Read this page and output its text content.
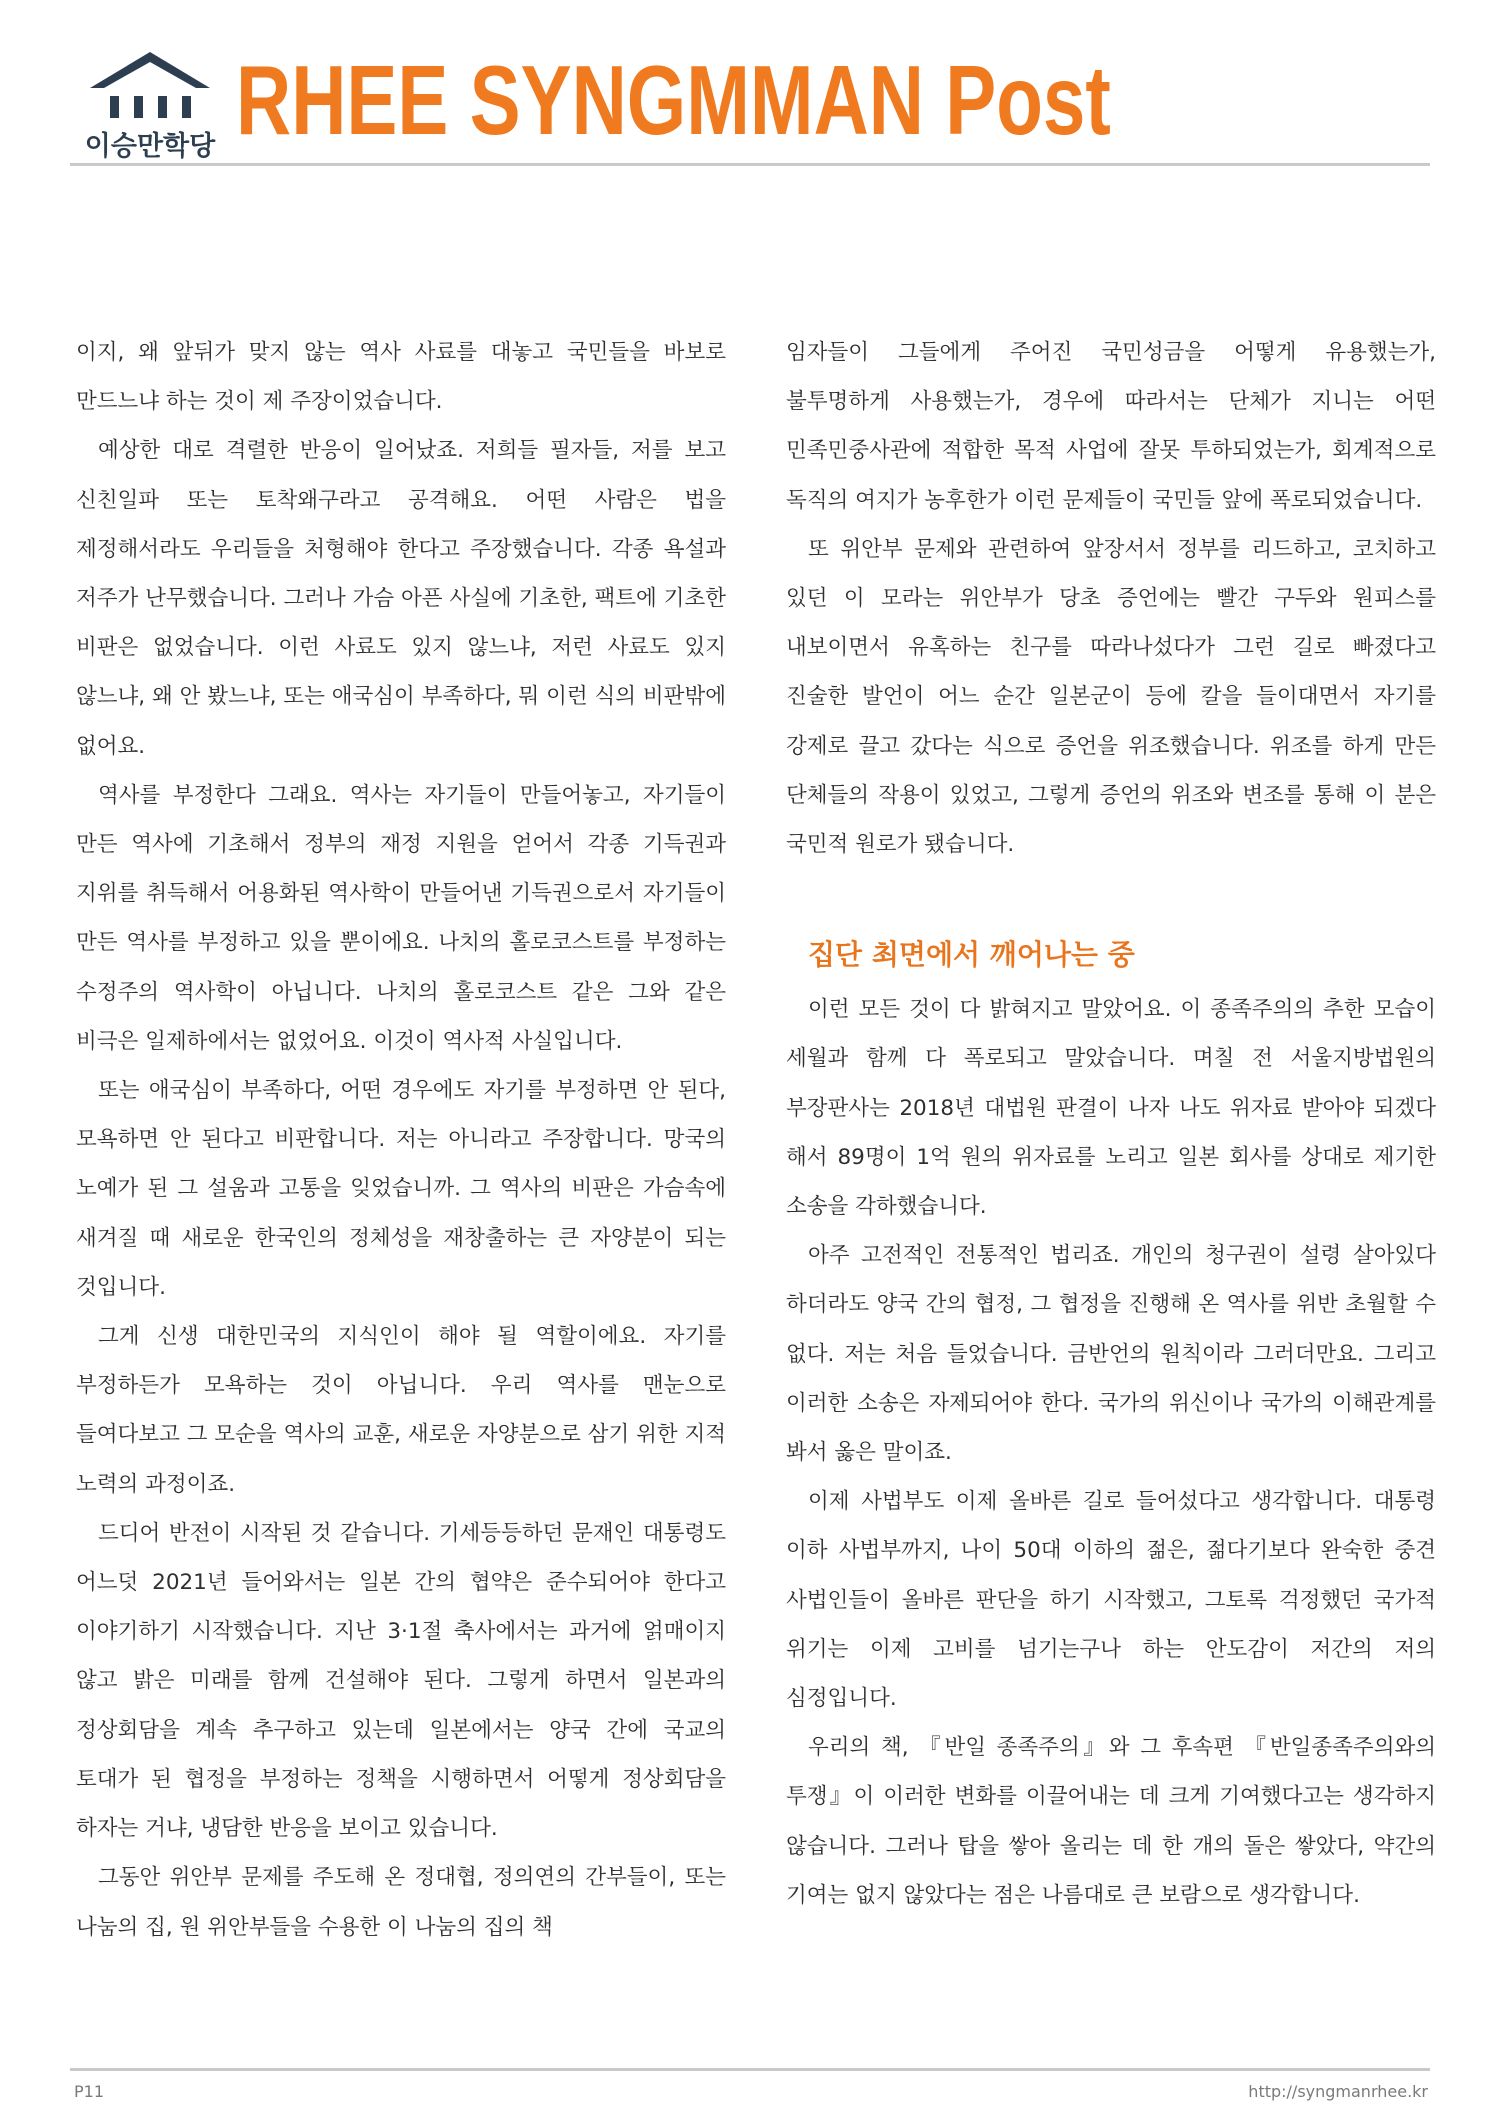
이승만학당 RHEE SYNGMMAN Post

이지, 왜 앞뒤가 맞지 않는 역사 사료를 대놓고 국민들을 바보로 만드느냐 하는 것이 제 주장이었습니다.

예상한 대로 격렬한 반응이 일어났죠. 저희들 필자들, 저를 보고 신친일파 또는 토착왜구라고 공격해요. 어떤 사람은 법을 제정해서라도 우리들을 처형해야 한다고 주장했습니다. 각종 욕설과 저주가 난무했습니다. 그러나 가슴 아픈 사실에 기초한, 팩트에 기초한 비판은 없었습니다. 이런 사료도 있지 않느냐, 저런 사료도 있지 않느냐, 왜 안 봤느냐, 또는 애국심이 부족하다, 뭐 이런 식의 비판밖에 없어요.

역사를 부정한다 그래요. 역사는 자기들이 만들어놓고, 자기들이 만든 역사에 기초해서 정부의 재정 지원을 얻어서 각종 기득권과 지위를 취득해서 어용화된 역사학이 만들어낸 기득권으로서 자기들이 만든 역사를 부정하고 있을 뿐이에요. 나치의 홀로코스트를 부정하는 수정주의 역사학이 아닙니다. 나치의 홀로코스트 같은 그와 같은 비극은 일제하에서는 없었어요. 이것이 역사적 사실입니다.

또는 애국심이 부족하다, 어떤 경우에도 자기를 부정하면 안 된다, 모욕하면 안 된다고 비판합니다. 저는 아니라고 주장합니다. 망국의 노예가 된 그 설움과 고통을 잊었습니까. 그 역사의 비판은 가슴속에 새겨질 때 새로운 한국인의 정체성을 재창출하는 큰 자양분이 되는 것입니다.

그게 신생 대한민국의 지식인이 해야 될 역할이에요. 자기를 부정하든가 모욕하는 것이 아닙니다. 우리 역사를 맨눈으로 들여다보고 그 모순을 역사의 교훈, 새로운 자양분으로 삼기 위한 지적 노력의 과정이죠.

드디어 반전이 시작된 것 같습니다. 기세등등하던 문재인 대통령도 어느덧 2021년 들어와서는 일본 간의 협약은 준수되어야 한다고 이야기하기 시작했습니다. 지난 3·1절 축사에서는 과거에 얽매이지 않고 밝은 미래를 함께 건설해야 된다. 그렇게 하면서 일본과의 정상회담을 계속 추구하고 있는데 일본에서는 양국 간에 국교의 토대가 된 협정을 부정하는 정책을 시행하면서 어떻게 정상회담을 하자는 거냐, 냉담한 반응을 보이고 있습니다.

그동안 위안부 문제를 주도해 온 정대협, 정의연의 간부들이, 또는 나눔의 집, 원 위안부들을 수용한 이 나눔의 집의 책

임자들이 그들에게 주어진 국민성금을 어떻게 유용했는가, 불투명하게 사용했는가, 경우에 따라서는 단체가 지니는 어떤 민족민중사관에 적합한 목적 사업에 잘못 투하되었는가, 회계적으로 독직의 여지가 농후한가 이런 문제들이 국민들 앞에 폭로되었습니다.

또 위안부 문제와 관련하여 앞장서서 정부를 리드하고, 코치하고 있던 이 모라는 위안부가 당초 증언에는 빨간 구두와 원피스를 내보이면서 유혹하는 친구를 따라나섰다가 그런 길로 빠졌다고 진술한 발언이 어느 순간 일본군이 등에 칼을 들이대면서 자기를 강제로 끌고 갔다는 식으로 증언을 위조했습니다. 위조를 하게 만든 단체들의 작용이 있었고, 그렇게 증언의 위조와 변조를 통해 이 분은 국민적 원로가 됐습니다.

집단 최면에서 깨어나는 중

이런 모든 것이 다 밝혀지고 말았어요. 이 종족주의의 추한 모습이 세월과 함께 다 폭로되고 말았습니다. 며칠 전 서울지방법원의 부장판사는 2018년 대법원 판결이 나자 나도 위자료 받아야 되겠다 해서 89명이 1억 원의 위자료를 노리고 일본 회사를 상대로 제기한 소송을 각하했습니다.

아주 고전적인 전통적인 법리죠. 개인의 청구권이 설령 살아있다 하더라도 양국 간의 협정, 그 협정을 진행해 온 역사를 위반 초월할 수 없다. 저는 처음 들었습니다. 금반언의 원칙이라 그러더만요. 그리고 이러한 소송은 자제되어야 한다. 국가의 위신이나 국가의 이해관계를 봐서 옳은 말이죠.

이제 사법부도 이제 올바른 길로 들어섰다고 생각합니다. 대통령 이하 사법부까지, 나이 50대 이하의 젊은, 젊다기보다 완숙한 중견 사법인들이 올바른 판단을 하기 시작했고, 그토록 걱정했던 국가적 위기는 이제 고비를 넘기는구나 하는 안도감이 저간의 저의 심정입니다.

우리의 책, 『반일 종족주의』와 그 후속편 『반일종족주의와의 투쟁』이 이러한 변화를 이끌어내는 데 크게 기여했다고는 생각하지 않습니다. 그러나 탑을 쌓아 올리는 데 한 개의 돌은 쌓았다, 약간의 기여는 없지 않았다는 점은 나름대로 큰 보람으로 생각합니다.

P11	http://syngmanrhee.kr
